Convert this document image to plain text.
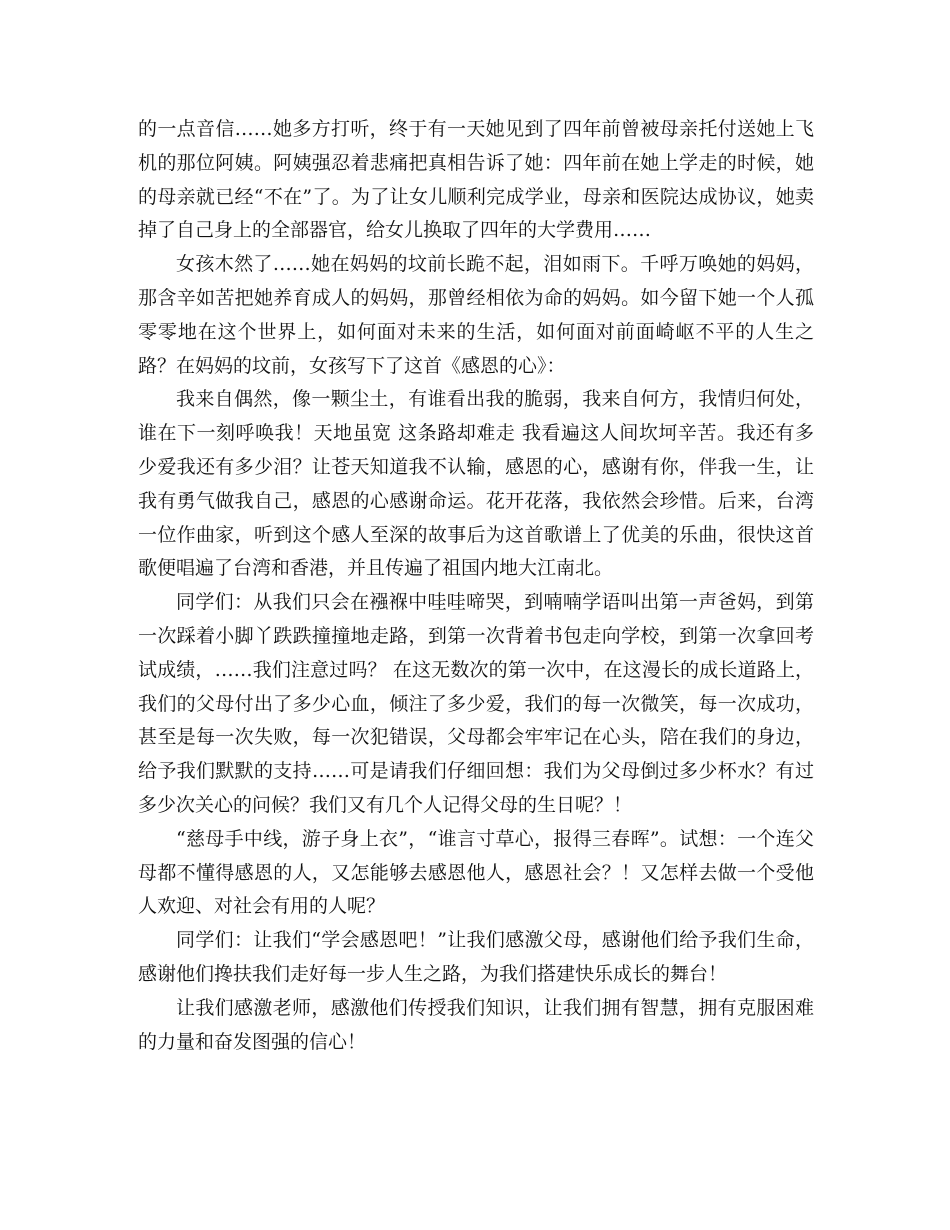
的一点音信……她多方打听，终于有一天她见到了四年前曾被母亲托付送她上飞机的那位阿姨。阿姨强忍着悲痛把真相告诉了她：四年前在她上学走的时候，她的母亲就已经“不在”了。为了让女儿顺利完成学业，母亲和医院达成协议，她卖掉了自己身上的全部器官，给女儿换取了四年的大学费用……

女孩木然了……她在妈妈的坟前长跪不起，泪如雨下。千呼万唤她的妈妈，那含辛如苦把她养育成人的妈妈，那曾经相依为命的妈妈。如今留下她一个人孤零零地在这个世界上，如何面对未来的生活，如何面对前面崎岖不平的人生之路？在妈妈的坟前，女孩写下了这首《感恩的心》：

我来自偶然，像一颗尘土，有谁看出我的脆弱，我来自何方，我情归何处，谁在下一刻呼唤我！天地虽宽 这条路却难走 我看遍这人间坎坷辛苦。我还有多少爱我还有多少泪？让苍天知道我不认输，感恩的心，感谢有你，伴我一生，让我有勇气做我自己，感恩的心感谢命运。花开花落，我依然会珍惜。后来，台湾一位作曲家，听到这个感人至深的故事后为这首歌谱上了优美的乐曲，很快这首歌便唱遍了台湾和香港，并且传遍了祖国内地大江南北。

同学们：从我们只会在襁褓中哇哇啼哭，到喃喃学语叫出第一声爸妈，到第一次踩着小脚丫跌跌撞撞地走路，到第一次背着书包走向学校，到第一次拿回考试成绩，……我们注意过吗？ 在这无数次的第一次中，在这漫长的成长道路上，我们的父母付出了多少心血，倾注了多少爱，我们的每一次微笑，每一次成功，甚至是每一次失败，每一次犯错误，父母都会牢牢记在心头，陪在我们的身边，给予我们默默的支持……可是请我们仔细回想：我们为父母倒过多少杯水？有过多少次关心的问候？我们又有几个人记得父母的生日呢？！

“慈母手中线，游子身上衣”，“谁言寸草心，报得三春晖”。试想：一个连父母都不懂得感恩的人，又怎能够去感恩他人，感恩社会？！又怎样去做一个受他人欢迎、对社会有用的人呢？

同学们：让我们“学会感恩吧！”让我们感激父母，感谢他们给予我们生命，感谢他们搀扶我们走好每一步人生之路，为我们搭建快乐成长的舞台！

让我们感激老师，感激他们传授我们知识，让我们拥有智慧，拥有克服困难的力量和奋发图强的信心！
